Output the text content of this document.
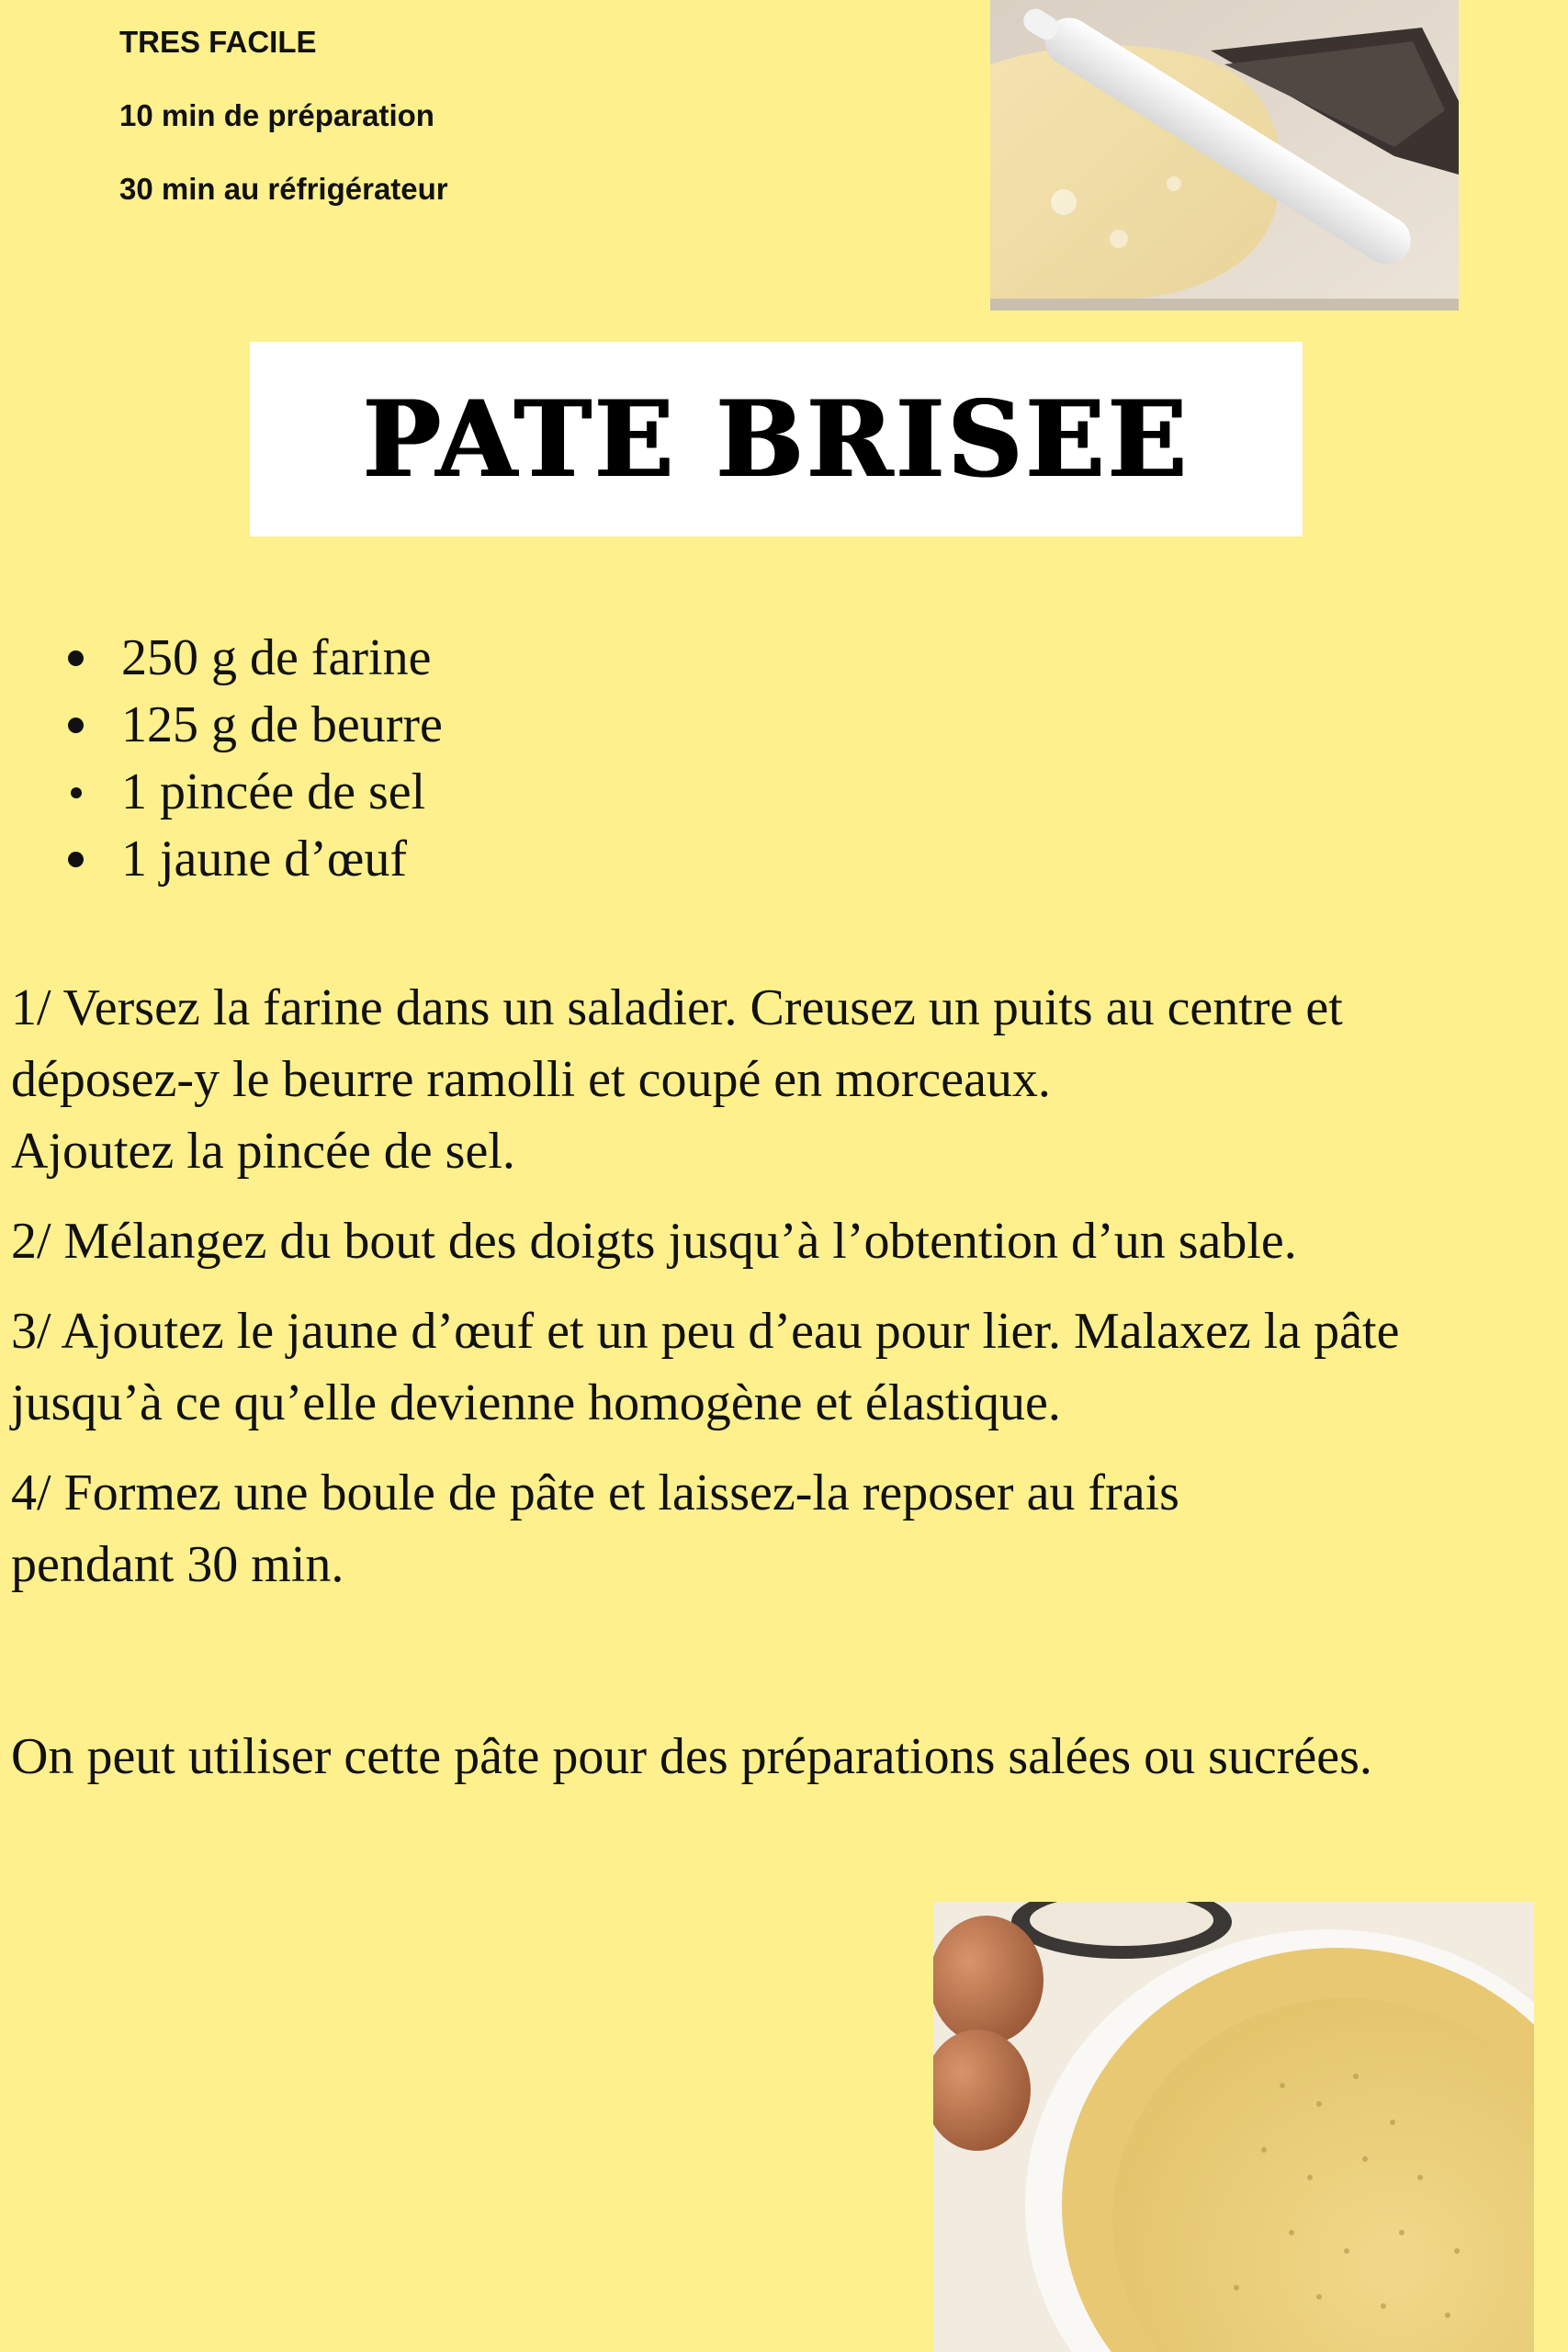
TRES FACILE
10 min de préparation
30 min au réfrigérateur
PATE BRISEE
250 g de farine
125 g de beurre
1 pincée de sel
1 jaune d’œuf

1/ Versez la farine dans un saladier. Creusez un puits au centre et
déposez-y le beurre ramolli et coupé en morceaux.
Ajoutez la pincée de sel.

2/ Mélangez du bout des doigts jusqu’à l’obtention d’un sable.

3/ Ajoutez le jaune d’œuf et un peu d’eau pour lier. Malaxez la pâte
jusqu’à ce qu’elle devienne homogène et élastique.

4/ Formez une boule de pâte et laissez-la reposer au frais
pendant 30 min.

On peut utiliser cette pâte pour des préparations salées ou sucrées.
